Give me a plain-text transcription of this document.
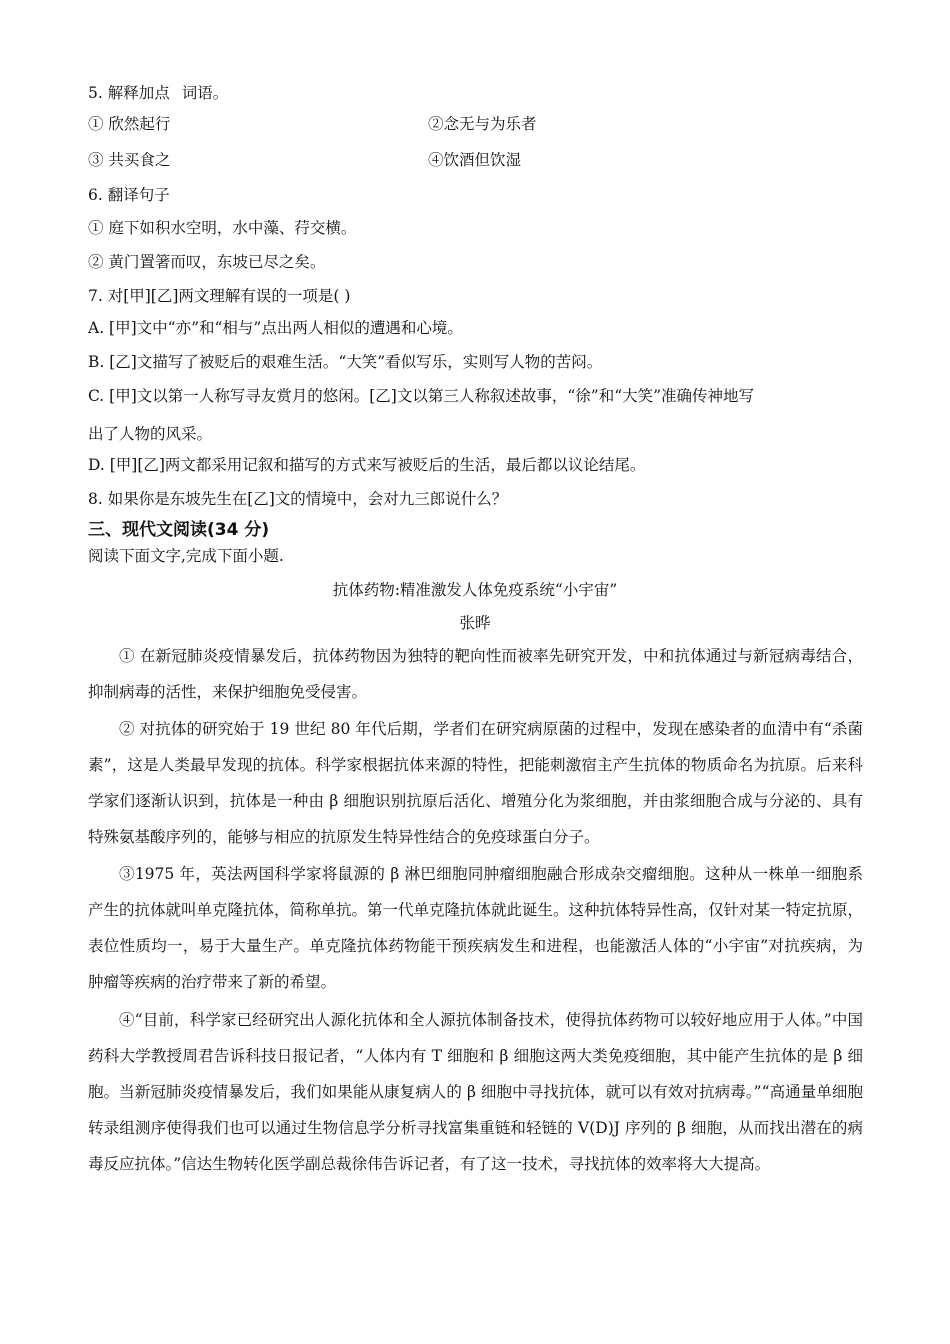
5. 解释加点 词语。
① 欣然起行	②念无与为乐者
③ 共买食之	④饮酒但饮湿
6. 翻译句子
① 庭下如积水空明，水中藻、荇交横。
② 黄门置箸而叹，东坡已尽之矣。
7. 对[甲][乙]两文理解有误的一项是( )
A. [甲]文中“亦”和“相与”点出两人相似的遭遇和心境。
B. [乙]文描写了被贬后的艰难生活。“大笑”看似写乐，实则写人物的苦闷。
C. [甲]文以第一人称写寻友赏月的悠闲。[乙]文以第三人称叙述故事，“徐”和“大笑”准确传神地写
出了人物的风采。
D. [甲][乙]两文都采用记叙和描写的方式来写被贬后的生活，最后都以议论结尾。
8. 如果你是东坡先生在[乙]文的情境中，会对九三郎说什么？
三、现代文阅读(34 分)
阅读下面文字,完成下面小题.
抗体药物:精准激发人体免疫系统“小宇宙”
张晔
① 在新冠肺炎疫情暴发后，抗体药物因为独特的靶向性而被率先研究开发，中和抗体通过与新冠病毒结合，抑制病毒的活性，来保护细胞免受侵害。
② 对抗体的研究始于 19 世纪 80 年代后期，学者们在研究病原菌的过程中，发现在感染者的血清中有“杀菌素”，这是人类最早发现的抗体。科学家根据抗体来源的特性，把能刺激宿主产生抗体的物质命名为抗原。后来科学家们逐渐认识到，抗体是一种由 β 细胞识别抗原后活化、增殖分化为浆细胞，并由浆细胞合成与分泌的、具有特殊氨基酸序列的，能够与相应的抗原发生特异性结合的免疫球蛋白分子。
③1975 年，英法两国科学家将鼠源的 β 淋巴细胞同肿瘤细胞融合形成杂交瘤细胞。这种从一株单一细胞系产生的抗体就叫单克隆抗体，简称单抗。第一代单克隆抗体就此诞生。这种抗体特异性高，仅针对某一特定抗原，表位性质均一，易于大量生产。单克隆抗体药物能干预疾病发生和进程，也能激活人体的“小宇宙”对抗疾病，为肿瘤等疾病的治疗带来了新的希望。
④“目前，科学家已经研究出人源化抗体和全人源抗体制备技术，使得抗体药物可以较好地应用于人体。”中国药科大学教授周君告诉科技日报记者，“人体内有 T 细胞和 β 细胞这两大类免疫细胞，其中能产生抗体的是 β 细胞。当新冠肺炎疫情暴发后，我们如果能从康复病人的 β 细胞中寻找抗体，就可以有效对抗病毒。”“高通量单细胞转录组测序使得我们也可以通过生物信息学分析寻找富集重链和轻链的 V(D)J 序列的 β 细胞，从而找出潜在的病毒反应抗体。”信达生物转化医学副总裁徐伟告诉记者，有了这一技术，寻找抗体的效率将大大提高。
